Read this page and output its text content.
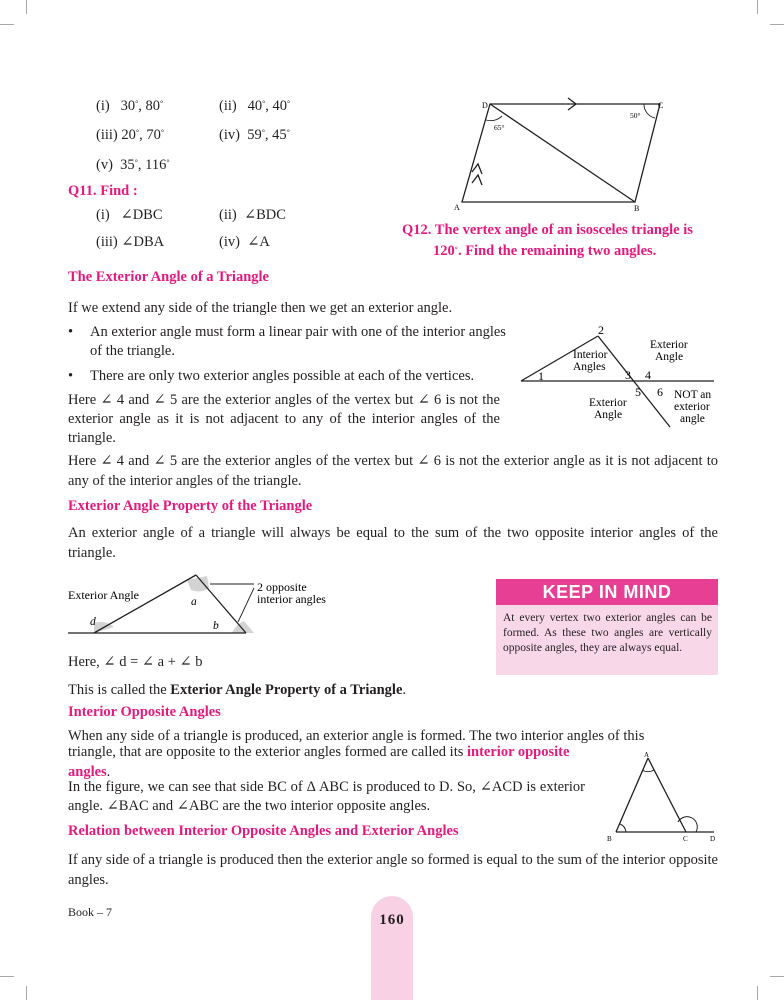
(i) 30°, 80°	(ii) 40°, 40°
(iii) 20°, 70°	(iv) 59°, 45°
(v) 35°, 116°
Q11. Find :
(i) ∠DBC	(ii) ∠BDC
(iii) ∠DBA	(iv) ∠A
D	C
A	B
65°
50°
Q12. The vertex angle of an isosceles triangle is
120°. Find the remaining two angles.
The Exterior Angle of a Triangle
If we extend any side of the triangle then we get an exterior angle.
• An exterior angle must form a linear pair with one of the interior angles of the triangle.
• There are only two exterior angles possible at each of the vertices.
Here ∠ 4 and ∠ 5 are the exterior angles of the vertex but ∠ 6 is not the exterior angle as it is not adjacent to any of the interior angles of the triangle.
2
1	3 4
5 6
Interior
Angles
Exterior
Angle
Exterior
Angle
NOT an
exterior
angle
Here ∠ 4 and ∠ 5 are the exterior angles of the vertex but ∠ 6 is not the exterior angle as it is not adjacent to any of the interior angles of the triangle.
Exterior Angle Property of the Triangle
An exterior angle of a triangle will always be equal to the sum of the two opposite interior angles of the triangle.
Exterior Angle
2 opposite
interior angles
a
b
d
Here, ∠ d = ∠ a + ∠ b
KEEP IN MIND
At every vertex two exterior angles can be formed. As these two angles are vertically opposite angles, they are always equal.
This is called the Exterior Angle Property of a Triangle.
Interior Opposite Angles
When any side of a triangle is produced, an exterior angle is formed. The two interior angles of this
triangle, that are opposite to the exterior angles formed are called its interior opposite angles.
In the figure, we can see that side BC of Δ ABC is produced to D. So, ∠ACD is exterior angle. ∠BAC and ∠ABC are the two interior opposite angles.
A
B	C	D
Relation between Interior Opposite Angles and Exterior Angles
If any side of a triangle is produced then the exterior angle so formed is equal to the sum of the interior opposite angles.
Book – 7	160
